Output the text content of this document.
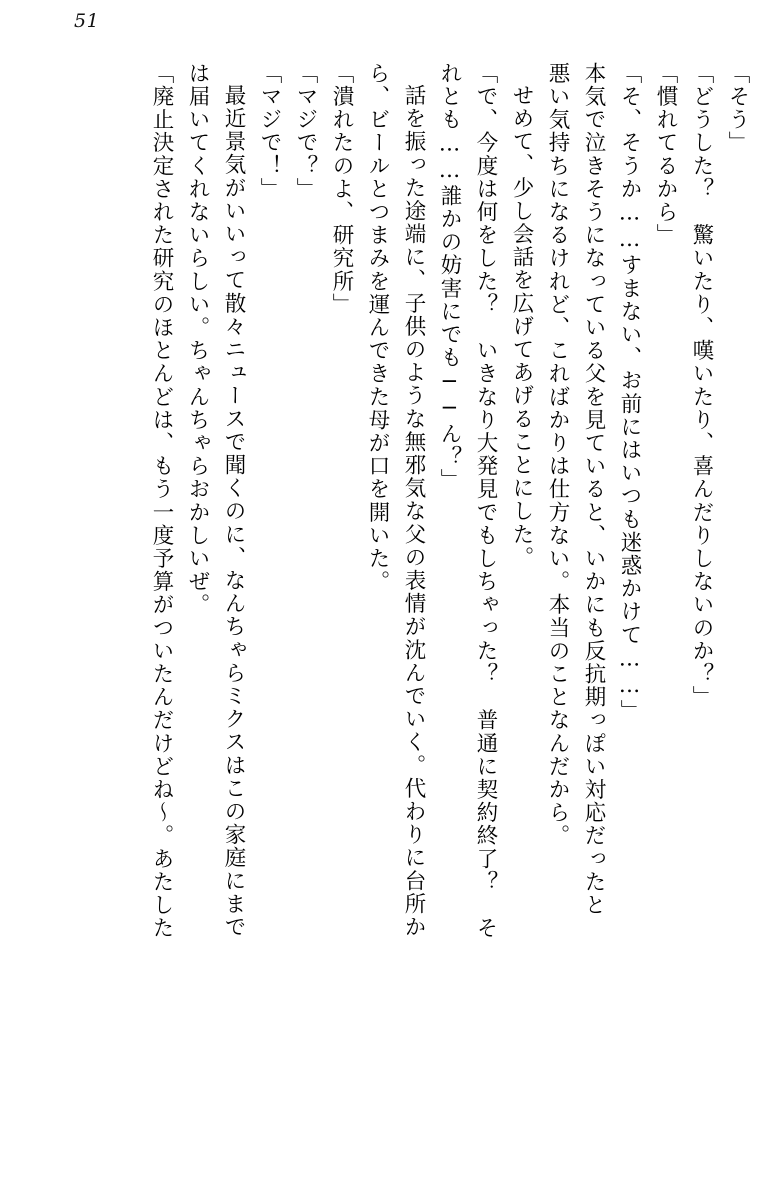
51
「そう」
「どうした？　驚いたり、嘆いたり、喜んだりしないのか？」
「慣れてるから」
「そ、そうか……すまない、お前にはいつも迷惑かけて……」
本気で泣きそうになっている父を見ていると、いかにも反抗期っぽい対応だったと
悪い気持ちになるけれど、こればかりは仕方ない。本当のことなんだから。
せめて、少し会話を広げてあげることにした。
「で、今度は何をした？　いきなり大発見でもしちゃった？　普通に契約終了？　そ
れとも……誰かの妨害にでも──ん？」
話を振った途端に、子供のような無邪気な父の表情が沈んでいく。代わりに台所か
ら、ビールとつまみを運んできた母が口を開いた。
「潰れたのよ、研究所」
「マジで？」
「マジで！」
最近景気がいいって散々ニュースで聞くのに、なんちゃらミクスはこの家庭にまで
は届いてくれないらしい。ちゃんちゃらおかしいぜ。
「廃止決定された研究のほとんどは、もう一度予算がついたんだけどね〜。あたした
